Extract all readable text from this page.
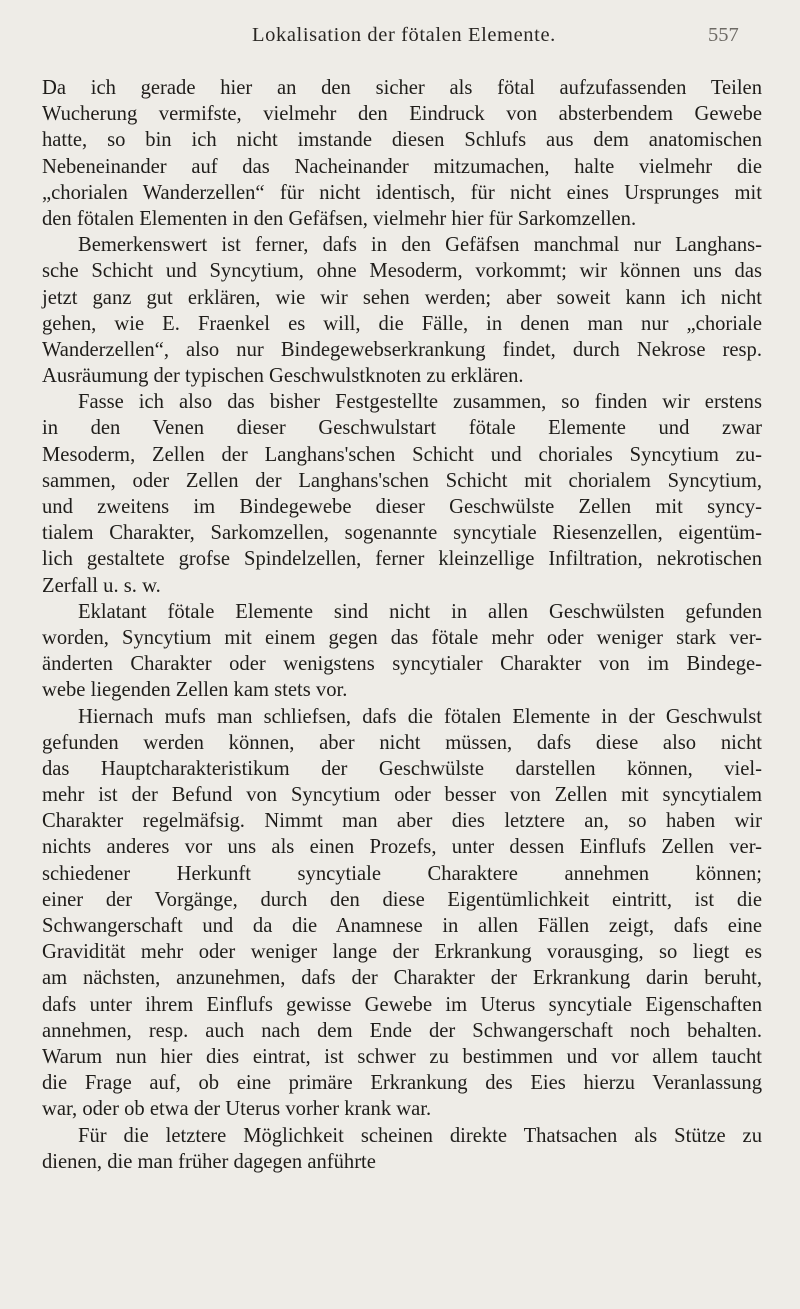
Lokalisation der fötalen Elemente.	557
Da ich gerade hier an den sicher als fötal aufzufassenden Teilen
Wucherung vermifste, vielmehr den Eindruck von absterbendem Gewebe
hatte, so bin ich nicht imstande diesen Schlufs aus dem anatomischen
Nebeneinander auf das Nacheinander mitzumachen, halte vielmehr die
„chorialen Wanderzellen“ für nicht identisch, für nicht eines Ursprunges mit
den fötalen Elementen in den Gefäfsen, vielmehr hier für Sarkomzellen.
Bemerkenswert ist ferner, dafs in den Gefäfsen manchmal nur Langhans-
sche Schicht und Syncytium, ohne Mesoderm, vorkommt; wir können uns das
jetzt ganz gut erklären, wie wir sehen werden; aber soweit kann ich nicht
gehen, wie E. Fraenkel es will, die Fälle, in denen man nur „choriale
Wanderzellen“, also nur Bindegewebserkrankung findet, durch Nekrose resp.
Ausräumung der typischen Geschwulstknoten zu erklären.
Fasse ich also das bisher Festgestellte zusammen, so finden wir erstens
in den Venen dieser Geschwulstart fötale Elemente und zwar
Mesoderm, Zellen der Langhans'schen Schicht und choriales Syncytium zu-
sammen, oder Zellen der Langhans'schen Schicht mit chorialem Syncytium,
und zweitens im Bindegewebe dieser Geschwülste Zellen mit syncy-
tialem Charakter, Sarkomzellen, sogenannte syncytiale Riesenzellen, eigentüm-
lich gestaltete grofse Spindelzellen, ferner kleinzellige Infiltration, nekrotischen
Zerfall u. s. w.
Eklatant fötale Elemente sind nicht in allen Geschwülsten gefunden
worden, Syncytium mit einem gegen das fötale mehr oder weniger stark ver-
änderten Charakter oder wenigstens syncytialer Charakter von im Bindege-
webe liegenden Zellen kam stets vor.
Hiernach mufs man schliefsen, dafs die fötalen Elemente in der Geschwulst
gefunden werden können, aber nicht müssen, dafs diese also nicht
das Hauptcharakteristikum der Geschwülste darstellen können, viel-
mehr ist der Befund von Syncytium oder besser von Zellen mit syncytialem
Charakter regelmäfsig. Nimmt man aber dies letztere an, so haben wir
nichts anderes vor uns als einen Prozefs, unter dessen Einflufs Zellen ver-
schiedener Herkunft syncytiale Charaktere annehmen können;
einer der Vorgänge, durch den diese Eigentümlichkeit eintritt, ist die
Schwangerschaft und da die Anamnese in allen Fällen zeigt, dafs eine
Gravidität mehr oder weniger lange der Erkrankung vorausging, so liegt es
am nächsten, anzunehmen, dafs der Charakter der Erkrankung darin beruht,
dafs unter ihrem Einflufs gewisse Gewebe im Uterus syncytiale Eigenschaften
annehmen, resp. auch nach dem Ende der Schwangerschaft noch behalten.
Warum nun hier dies eintrat, ist schwer zu bestimmen und vor allem taucht
die Frage auf, ob eine primäre Erkrankung des Eies hierzu Veranlassung
war, oder ob etwa der Uterus vorher krank war.
Für die letztere Möglichkeit scheinen direkte Thatsachen als Stütze zu
dienen, die man früher dagegen anführte
